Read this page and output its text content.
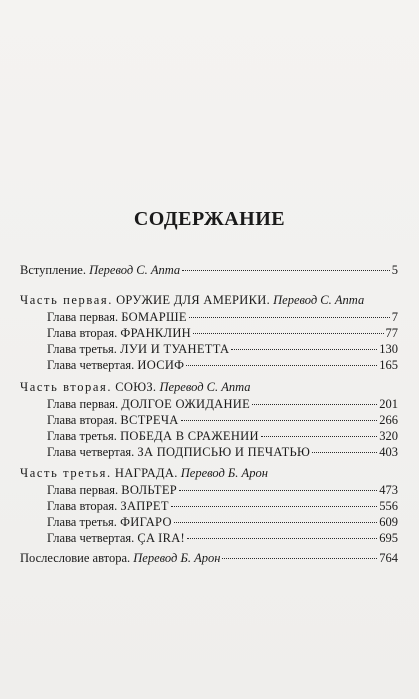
СОДЕРЖАНИЕ
Вступление. Перевод С. Апта	5
Часть первая. ОРУЖИЕ ДЛЯ АМЕРИКИ. Перевод С. Апта
Глава первая. БОМАРШЕ	7
Глава вторая. ФРАНКЛИН	77
Глава третья. ЛУИ И ТУАНЕТТА	130
Глава четвертая. ИОСИФ	165
Часть вторая. СОЮЗ. Перевод С. Апта
Глава первая. ДОЛГОЕ ОЖИДАНИЕ	201
Глава вторая. ВСТРЕЧА	266
Глава третья. ПОБЕДА В СРАЖЕНИИ	320
Глава четвертая. ЗА ПОДПИСЬЮ И ПЕЧАТЬЮ	403
Часть третья. НАГРАДА. Перевод Б. Арон
Глава первая. ВОЛЬТЕР	473
Глава вторая. ЗАПРЕТ	556
Глава третья. ФИГАРО	609
Глава четвертая. ÇA IRA!	695
Послесловие автора. Перевод Б. Арон	764
